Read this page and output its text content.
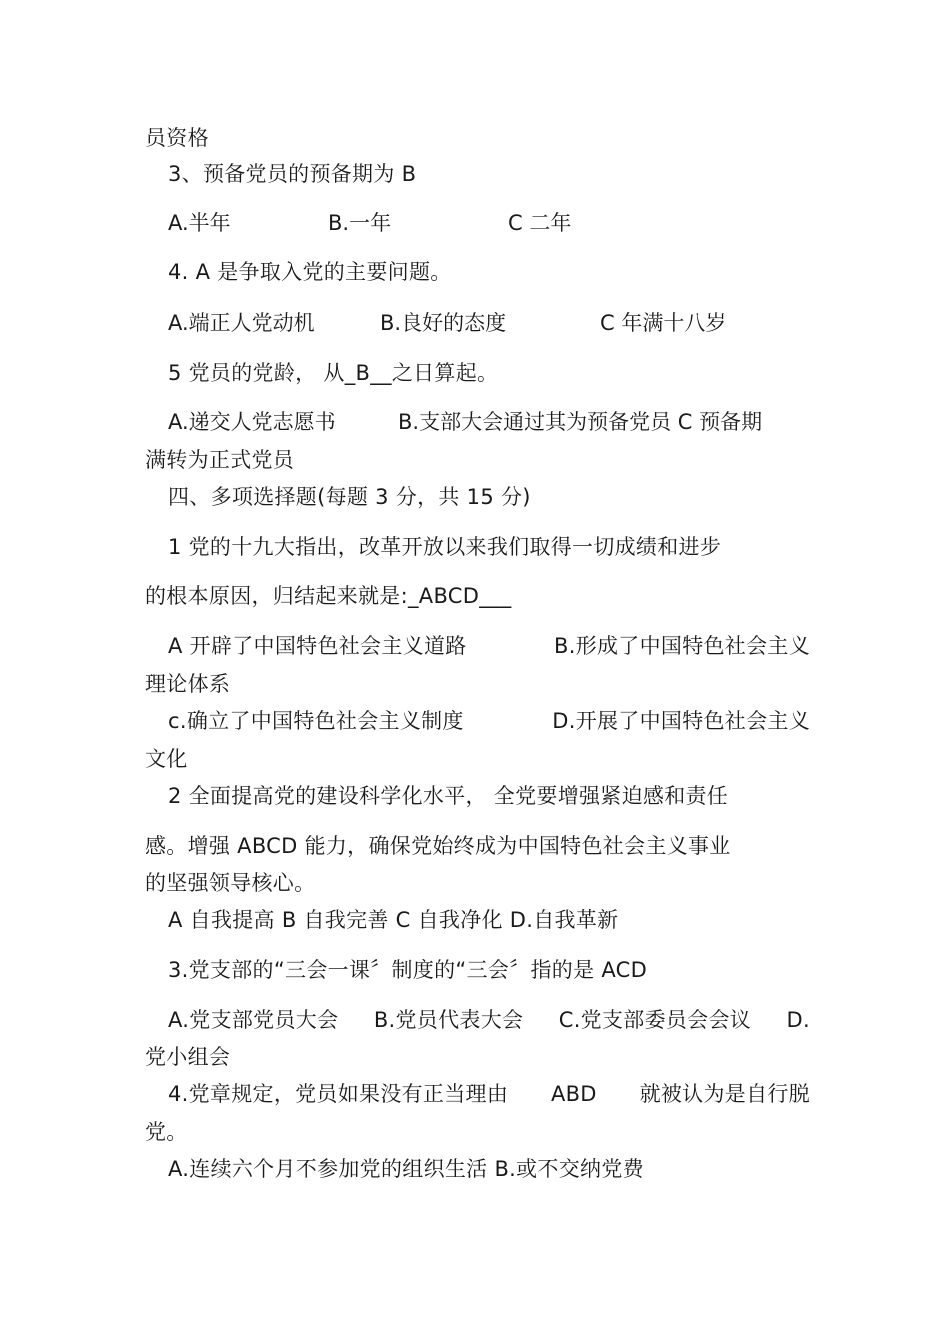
员资格
3、预备党员的预备期为 B
A.半年	B.一年	C 二年
4. A 是争取入党的主要问题。
A.端正人党动机	B.良好的态度	C 年满十八岁
5 党员的党龄， 从_B__之日算起。
A.递交人党志愿书	B.支部大会通过其为预备党员 C 预备期
满转为正式党员
四、多项选择题(每题 3 分，共 15 分)
1 党的十九大指出，改革开放以来我们取得一切成绩和进步
的根本原因，归结起来就是:_ABCD___
A 开辟了中国特色社会主义道路	B.形成了中国特色社会主义
理论体系
c.确立了中国特色社会主义制度	D.开展了中国特色社会主义
文化
2 全面提高党的建设科学化水平， 全党要增强紧迫感和责任
感。增强 ABCD 能力，确保党始终成为中国特色社会主义事业
的坚强领导核心。
A 自我提高 B 自我完善 C 自我净化 D.自我革新
3.党支部的“三会一课〞制度的“三会〞指的是 ACD
A.党支部党员大会 B.党员代表大会 C.党支部委员会会议 D.
党小组会
4.党章规定，党员如果没有正当理由 ABD 就被认为是自行脱
党。
A.连续六个月不参加党的组织生活 B.或不交纳党费
